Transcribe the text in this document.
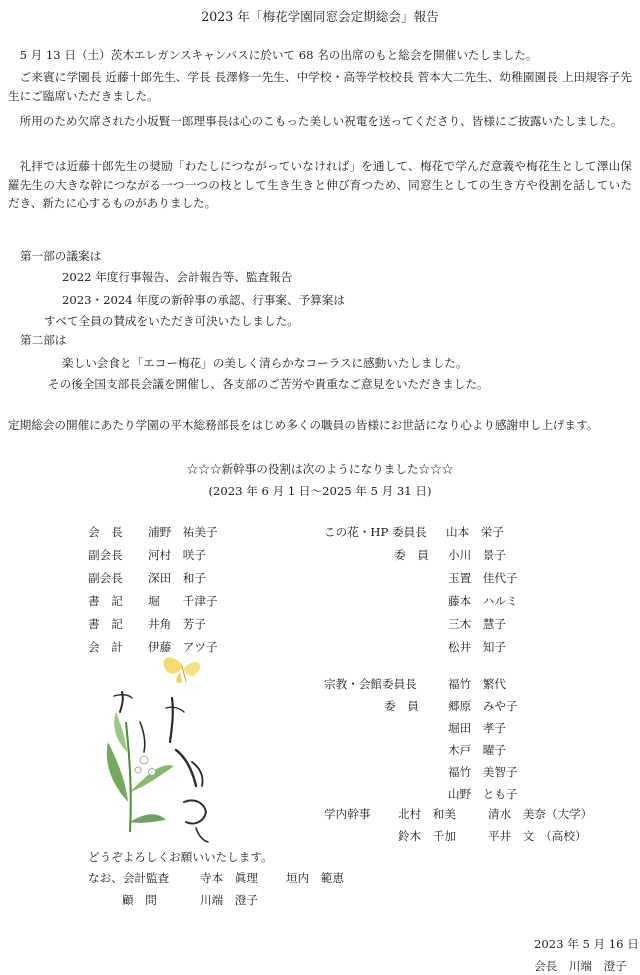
2023 年「梅花学園同窓会定期総会」報告
5 月 13 日（土）茨木エレガンスキャンパスに於いて 68 名の出席のもと総会を開催いたしました。
ご来賓に学園長 近藤十郎先生、学長 長澤修一先生、中学校・高等学校校長 菅本大二先生、幼稚園園長 上田規容子先生にご臨席いただきました。
所用のため欠席された小坂賢一郎理事長は心のこもった美しい祝電を送ってくださり、皆様にご披露いたしました。
礼拝では近藤十郎先生の奨励「わたしにつながっていなければ」を通して、梅花で学んだ意義や梅花生として澤山保羅先生の大きな幹につながる一つ一つの枝として生き生きと伸び育つため、同窓生としての生き方や役割を話していただき、新たに心するものがありました。
第一部の議案は
2022 年度行事報告、会計報告等、監査報告
2023・2024 年度の新幹事の承認、行事案、予算案は
すべて全員の賛成をいただき可決いたしました。
第二部は
楽しい会食と「エコー梅花」の美しく清らかなコーラスに感動いたしました。
その後全国支部長会議を開催し、各支部のご苦労や貴重なご意見をいただきました。
定期総会の開催にあたり学園の平木総務部長をはじめ多くの職員の皆様にお世話になり心より感謝申し上げます。
☆☆☆新幹事の役割は次のようになりました☆☆☆
(2023 年 6 月 1 日～2025 年 5 月 31 日)
会　長 浦野　祐美子
副会長 河村　咲子
副会長 深田　和子
書　記 堀　　千津子
書　記 井角　芳子
会　計 伊藤　アツ子
この花・HP 委員長 山本　栄子
委　員 小川　景子
玉置　佳代子
藤本　ハルミ
三木　慧子
松井　知子
宗教・会館委員長	福竹　繁代
委　員	郷原　みや子
堀田　孝子
木戸　曜子
福竹　美智子
山野　とも子
学内幹事 北村　和美	清水　美奈（大学）
鈴木　千加	平井　文　（高校）
どうぞよろしくお願いいたします。
なお、会計監査	寺本　眞理 垣内　範恵
顧　問	川端　澄子
2023 年 5 月 16 日
会長　川端　澄子
